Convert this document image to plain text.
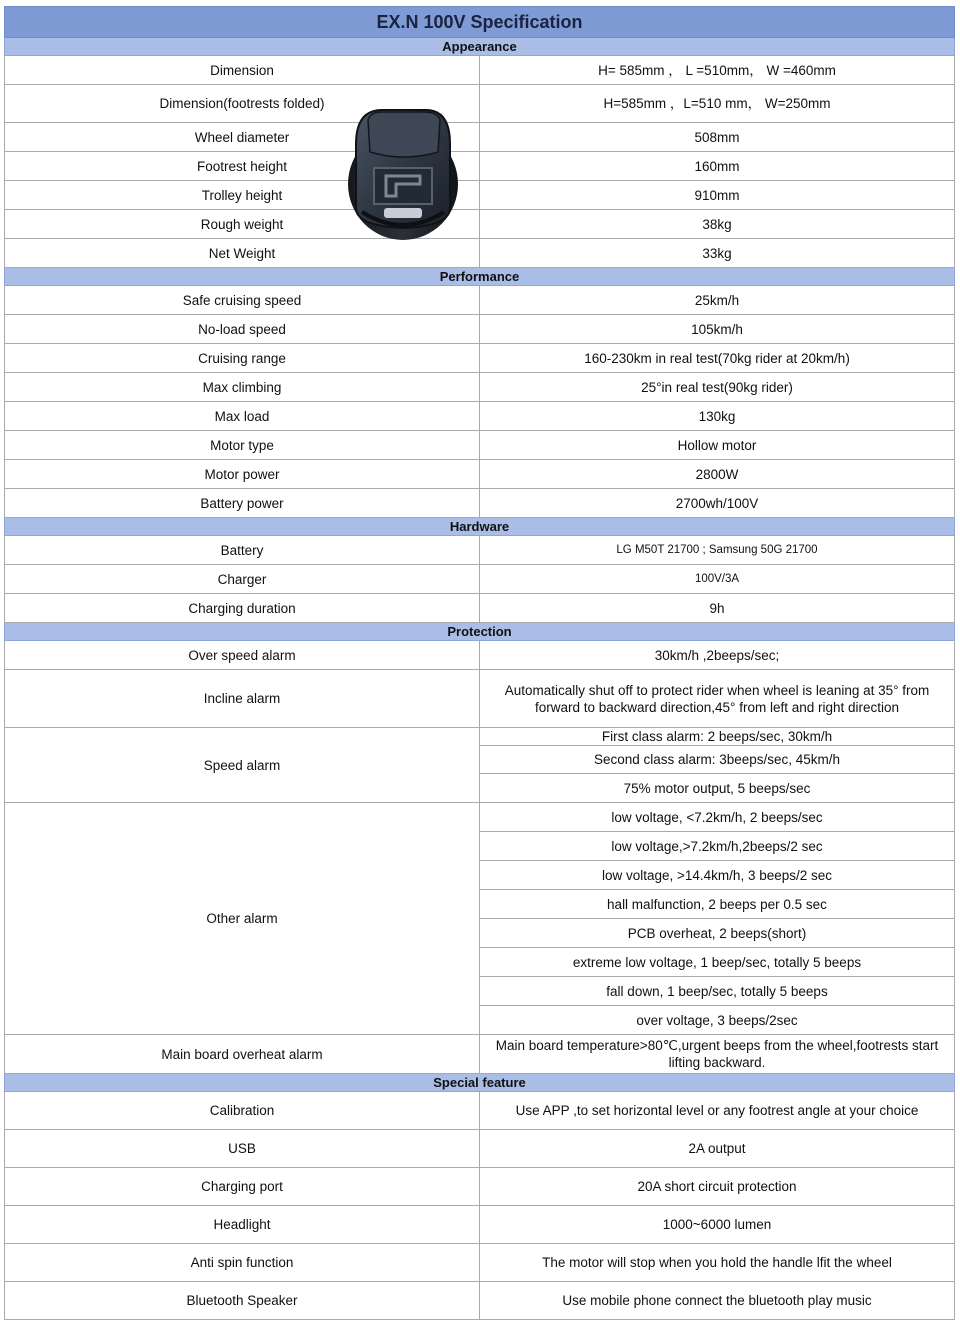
EX.N 100V Specification	
Appearance	
Dimension	H= 585mm ， L =510mm， W =460mm
Dimension(footrests folded)	H=585mm ，L=510 mm， W=250mm
Wheel diameter	508mm
Footrest height	160mm
Trolley height	910mm
Rough weight	38kg
Net Weight	33kg
Performance	
Safe cruising speed	25km/h
No-load speed	105km/h
Cruising range	160-230km in real test(70kg rider at 20km/h)
Max climbing	25°in real test(90kg rider)
Max load	130kg
Motor type	Hollow motor
Motor power	2800W
Battery power	2700wh/100V
Hardware	
Battery	LG M50T 21700 ; Samsung 50G 21700
Charger	100V/3A
Charging duration	9h
Protection	
Over speed alarm	30km/h ,2beeps/sec;
Incline alarm	Automatically shut off to protect rider when wheel is leaning at 35° from forward to backward direction,45° from left and right direction
Speed alarm	First class alarm: 2 beeps/sec, 30km/h
	Second class alarm: 3beeps/sec, 45km/h
	75% motor output, 5 beeps/sec
Other alarm	low voltage, <7.2km/h, 2 beeps/sec
	low voltage,>7.2km/h,2beeps/2 sec
	low voltage, >14.4km/h, 3 beeps/2 sec
	hall malfunction, 2 beeps per 0.5 sec
	PCB overheat, 2 beeps(short)
	extreme low voltage, 1 beep/sec, totally 5 beeps
	fall down, 1 beep/sec, totally 5 beeps
	over voltage, 3 beeps/2sec
Main board overheat alarm	Main board temperature>80℃,urgent beeps from the wheel,footrests start lifting backward.
Special feature	
Calibration	Use APP ,to set horizontal level or any footrest angle at your choice
USB	2A output
Charging port	20A short circuit protection
Headlight	1000~6000 lumen
Anti spin function	The motor will stop when you hold the handle lfit the wheel
Bluetooth Speaker	Use mobile phone connect the bluetooth play music
